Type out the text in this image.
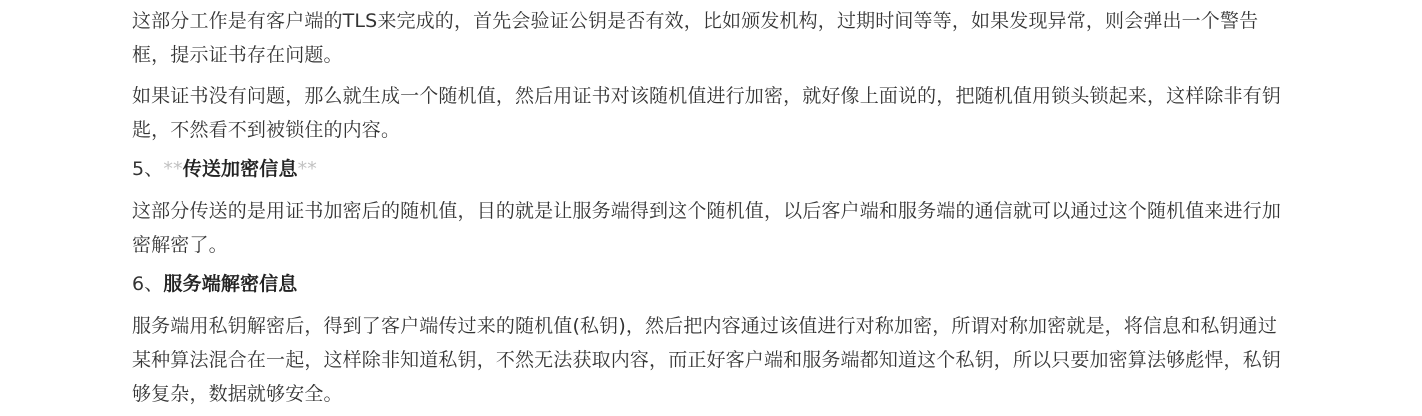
这部分工作是有客户端的TLS来完成的，首先会验证公钥是否有效，比如颁发机构，过期时间等等，如果发现异常，则会弹出一个警告
框，提示证书存在问题。
如果证书没有问题，那么就生成一个随机值，然后用证书对该随机值进行加密，就好像上面说的，把随机值用锁头锁起来，这样除非有钥
匙，不然看不到被锁住的内容。
5、**传送加密信息**
这部分传送的是用证书加密后的随机值，目的就是让服务端得到这个随机值，以后客户端和服务端的通信就可以通过这个随机值来进行加
密解密了。
6、服务端解密信息
服务端用私钥解密后，得到了客户端传过来的随机值(私钥)，然后把内容通过该值进行对称加密，所谓对称加密就是，将信息和私钥通过
某种算法混合在一起，这样除非知道私钥，不然无法获取内容，而正好客户端和服务端都知道这个私钥，所以只要加密算法够彪悍，私钥
够复杂，数据就够安全。
